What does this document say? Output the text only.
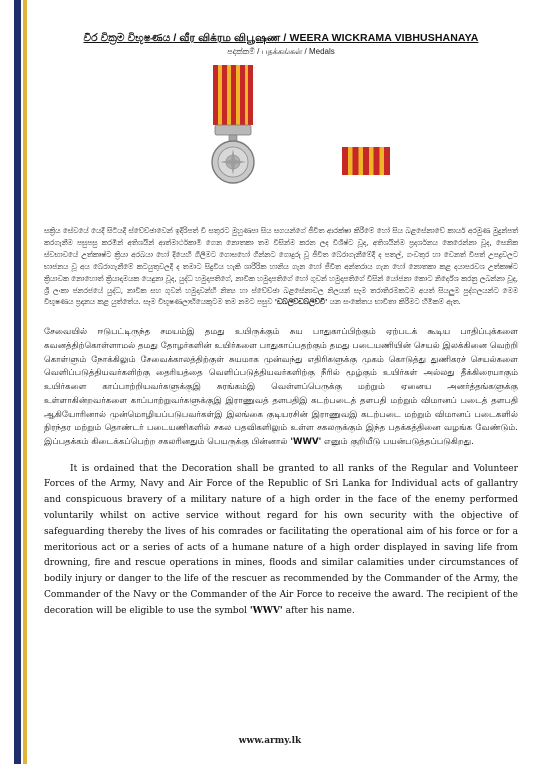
වීර වික්‍රම විභූෂණය / வீர விக்ரம விபூஷண / WEERA WICKRAMA VIBHUSHANAYA
පදක්කම් / பதக்கங்கள் / Medals

සක්‍රිය සේවයේ යෙදී සිටියදී ස්වේච්ඡාවෙන් ඉදිරිපත් වී සතුරට මුහුණපා සිය සගයන්ගේ ජීවිත ආරක්ෂා කිරීමේ හෝ සිය බළසේනාවේ කාර්ය අරමුණ මුදුන්පත් කරගැනීම පසුපසු කරමින් අතිශයින් ආත්මාර්ථකාමී ගෙන නොතකා තම විසින්ම කරන ලද විශිෂ්ට වූද, අතිශයින්ම ප්‍රදර්ශනය කෙරෙන්නා වූද, සෙනික ස්වභාවයේ උත්කෘෂ්ට ක්‍රියා අරබයා හෝ දියෙහි ගිලීමට ගොසහෝ ගින්නට ගොදුරු වූ ජීවිත බේරාගැනීමේදී ද පතල්, ගංවතුර හා වෙනත් විපත් උපද්‍රවලට භාජනය වූ අය බේරාගැනීමේ කටයුතුවලදී ද තමාට සිදුවිය හැකි ශාරීරික හානිය ගැන හෝ ජීවිත අන්තරාය ගැන හෝ නොතකා කළ දයාපරවශ උත්කෘෂ්ට ක්‍රියාවක නොහොත් ක්‍රියාදාමයක යෙදුනා වූද, යුද්ධ හමුදාපතිගේ, නාවික හමුදාපතිගේ හෝ ගුවන් හමුදාපතිගේ විසින් යෝජනා කොට නිර්දේශ කරනු ලබන්නා වූද, ශ්‍රී ලංකා ජනරජයේ යුද්ධ, නාවික සහ ගුවන් හමුදාවන්හි නිත්‍ය හා ස්වේච්ඡා බළසේනාවල නිලයන් සෑම තරාතිරමකටම අයත් සියලුම පුද්ගලයන්ට මෙම විභූෂණය ප්‍රදානය කළ යුත්තේය. සෑම විභූෂණලාභියෙකුටම තම නමට පසුව 'ඩබ්ලිව්ඩබ්ලිව්වී' යන සංකේතය භාවිතා කිරීමට හිමිකම් ඇත.

சேவையில் ஈடுபட்டிருந்த சமயம்இ தமது உயிருக்கும் சுய பாதுகாப்பிற்கும் ஏற்படக் கூடிய பாதிப்புக்களை கவனத்திற்கொள்ளாமல் தமது தோழர்களின் உயிர்களை பாதுகாப்பதற்கும் தமது படையணியின் செயல் இலக்கினை வெற்றி கொள்ளும் நோக்கிலும் சேவைக்காலத்திற்குள் சுயமாக முன்வந்து எதிரிகளுக்கு முகம் கொடுத்து துணிகரச் செயல்களை வெளிப்படுத்தியவர்களிற்கு தைரியத்தை வெளிப்படுத்தியவர்களிற்கு நீரில் மூழ்கும் உயிர்கள் அல்லது தீக்கிரையாகும் உயிர்களை காப்பாற்றியவர்களுக்குஇ சுரங்கம்இ வெள்ளப்பெருக்கு மற்றும் ஏனைய அனர்த்தங்களுக்கு உள்ளாகின்றவர்களை காப்பாற்றுவர்களுக்குஇ இராணுவத் தளபதிஇ கடற்படைத் தளபதி மற்றும் விமானப் படைத் தளபதி ஆகியோரினால் முன்மொழியப்படுபவர்கள்இ இலங்கை குடியரசின் இராணுவஇ கடற்படை மற்றும் விமானப் படைகளில் நிரந்தர மற்றும் தொண்டர் படையணிகளில் சகல பதவிகளிலும் உள்ள சகலருக்கும் இந்த பதக்கத்தினை வழங்க வேண்டும். இப்பதக்கம் கிடைக்கப்பெற்ற சகலரினதும் பெயருக்கு பின்னால் 'WWV' எனும் குறியீடு பயன்படுத்தப்படுகிறது.

It is ordained that the Decoration shall be granted to all ranks of the Regular and Volunteer Forces of the Army, Navy and Air Force of the Republic of Sri Lanka for Individual acts of gallantry and conspicuous bravery of a military nature of a high order in the face of the enemy performed voluntarily whilst on active service without regard for his own security with the objective of safeguarding thereby the lives of his comrades or facilitating the operational aim of his force or for a meritorious act or a series of acts of a humane nature of a high order displayed in saving life from drowning, fire and rescue operations in mines, floods and similar calamities under circumstances of bodily injury or danger to the life of the rescuer as recommended by the Commander of the Army, the Commander of the Navy or the Commander of the Air Force to receive the award. The recipient of the decoration will be eligible to use the symbol 'WWV' after his name.

www.army.lk
